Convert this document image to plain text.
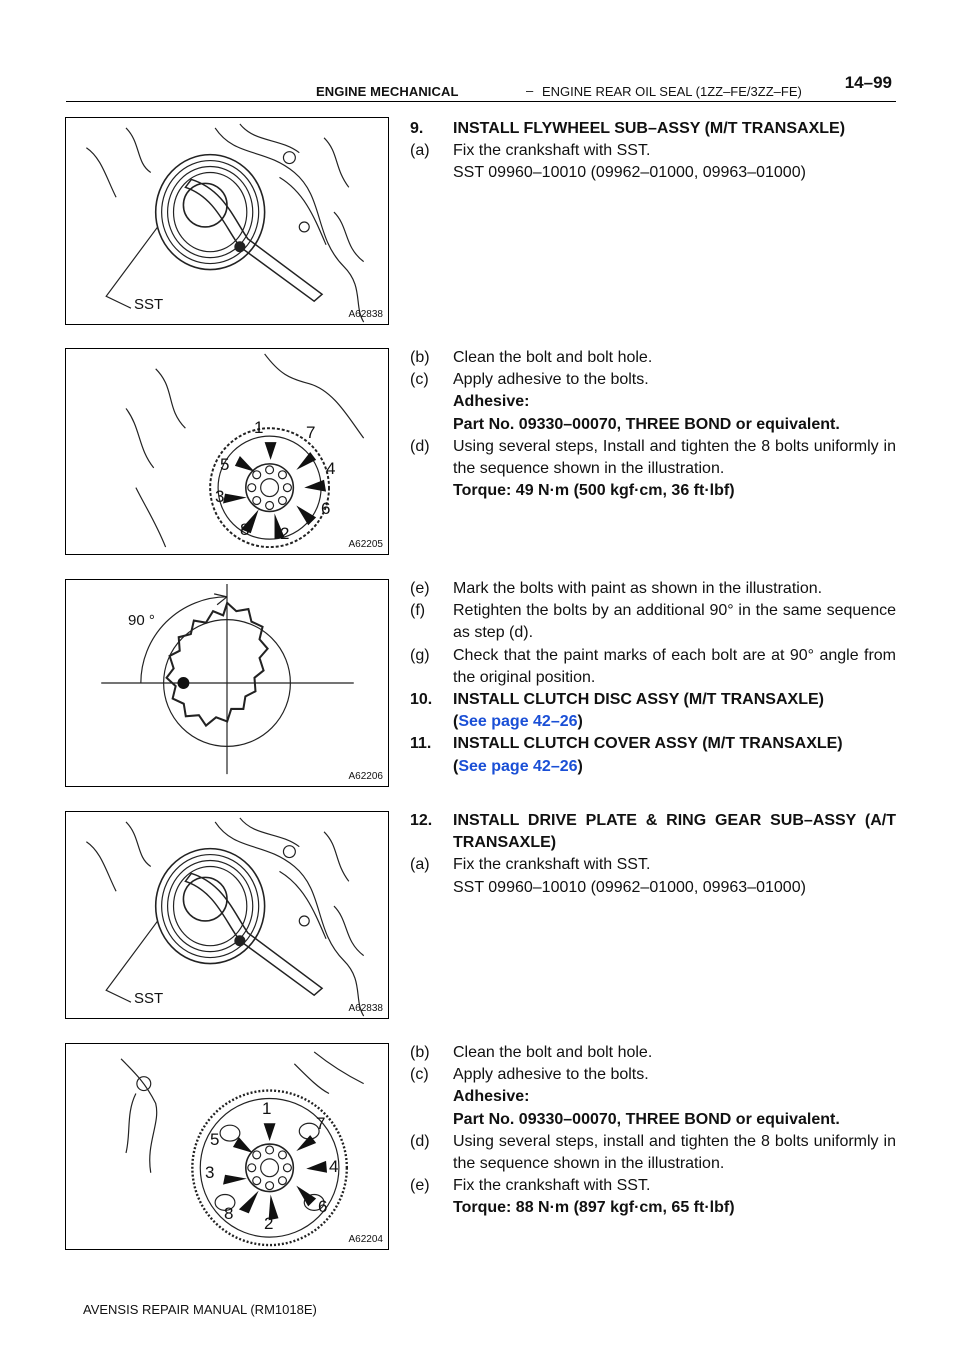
ENGINE MECHANICAL	– ENGINE REAR OIL SEAL (1ZZ–FE/3ZZ–FE)	14–99
SST
A62838
1	7
5	4
3
6
8 2
A62205
90 °
A62206
SST
A62838
1
7
5
4
3
6
8
2
A62204
9.	INSTALL FLYWHEEL SUB–ASSY (M/T TRANSAXLE)
(a)	Fix the crankshaft with SST.
SST 09960–10010 (09962–01000, 09963–01000)
(b)	Clean the bolt and bolt hole.
(c)	Apply adhesive to the bolts.
Adhesive:
Part No. 09330–00070, THREE BOND or equivalent.
(d)	Using several steps, Install and tighten the 8 bolts uniformly in the sequence shown in the illustration.
Torque: 49 N·m (500 kgf·cm, 36 ft·lbf)
(e)	Mark the bolts with paint as shown in the illustration.
(f)	Retighten the bolts by an additional 90° in the same sequence as step (d).
(g)	Check that the paint marks of each bolt are at 90° angle from the original position.
10.	INSTALL CLUTCH DISC ASSY (M/T TRANSAXLE)
(See page 42–26)
11.	INSTALL CLUTCH COVER ASSY (M/T TRANSAXLE)
(See page 42–26)
12.	INSTALL DRIVE PLATE & RING GEAR SUB–ASSY (A/T TRANSAXLE)
(a)	Fix the crankshaft with SST.
SST 09960–10010 (09962–01000, 09963–01000)
(b)	Clean the bolt and bolt hole.
(c)	Apply adhesive to the bolts.
Adhesive:
Part No. 09330–00070, THREE BOND or equivalent.
(d)	Using several steps, install and tighten the 8 bolts uniformly in the sequence shown in the illustration.
(e)	Fix the crankshaft with SST.
Torque: 88 N·m (897 kgf·cm, 65 ft·lbf)
AVENSIS REPAIR MANUAL (RM1018E)
